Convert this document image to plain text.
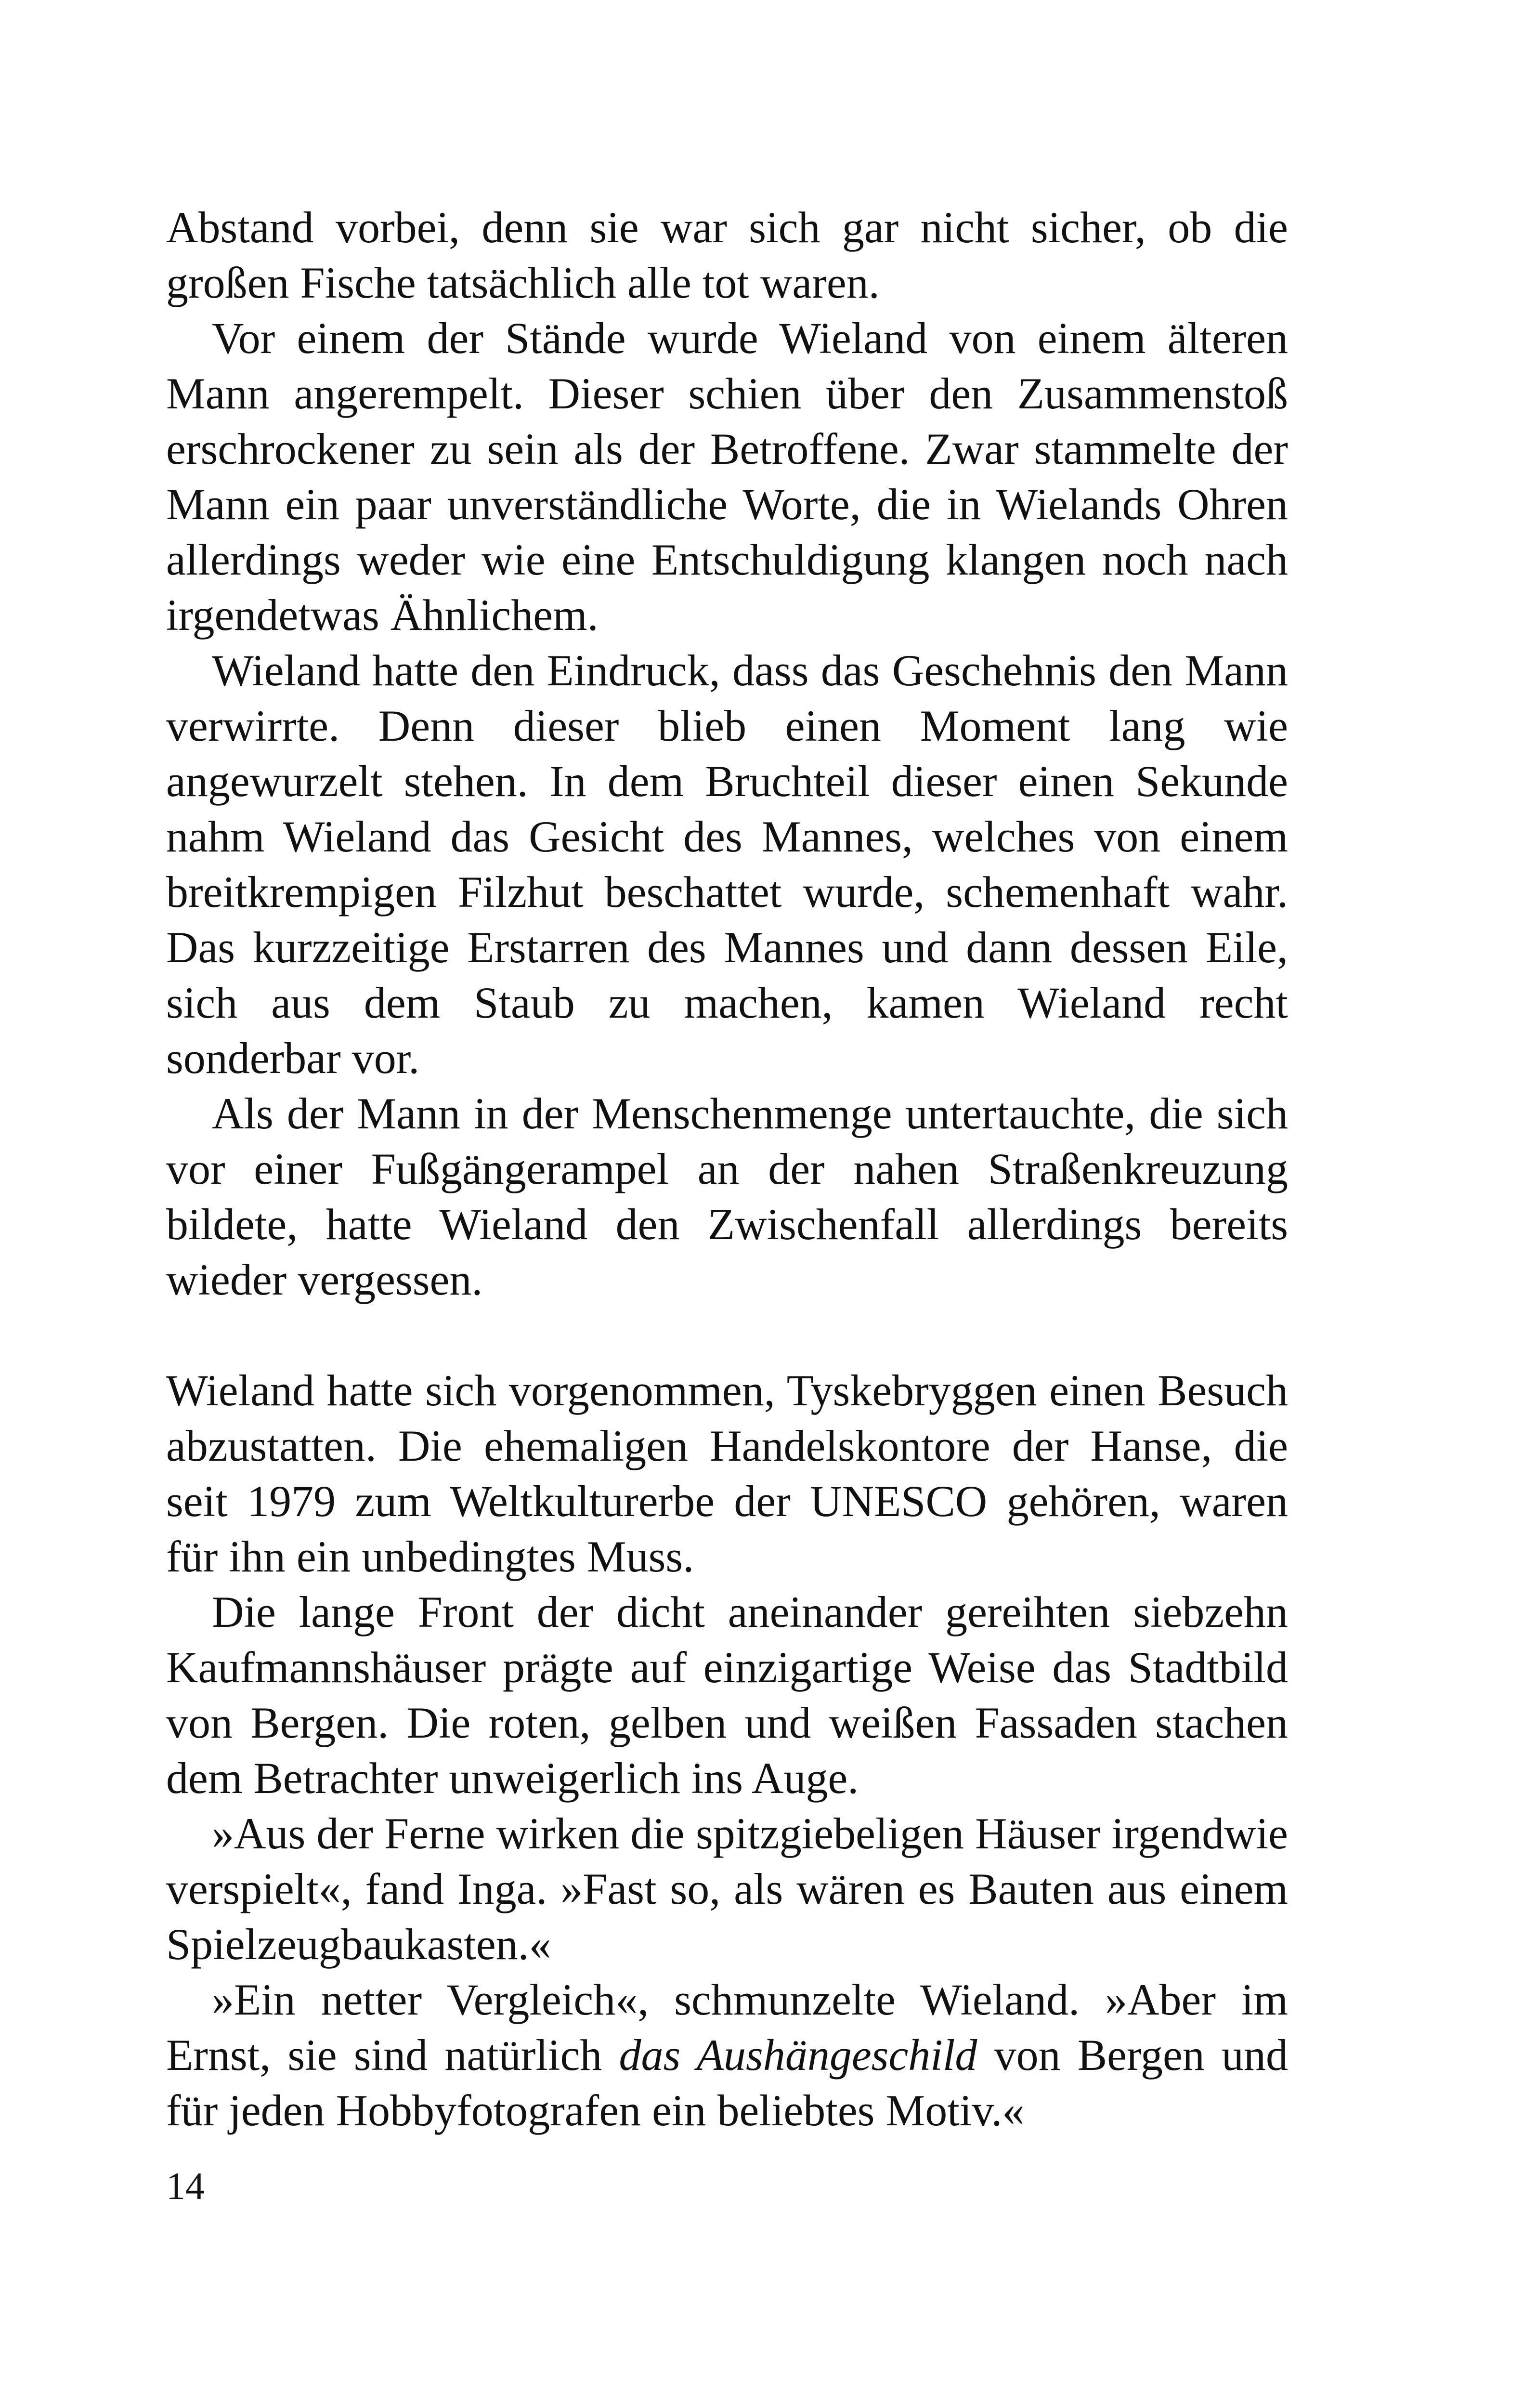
Abstand vorbei, denn sie war sich gar nicht sicher, ob die großen Fische tatsächlich alle tot waren.

Vor einem der Stände wurde Wieland von einem älteren Mann angerempelt. Dieser schien über den Zusammenstoß erschrockener zu sein als der Betroffene. Zwar stammelte der Mann ein paar unverständliche Worte, die in Wielands Ohren allerdings weder wie eine Entschuldigung klangen noch nach irgendetwas Ähnlichem.

Wieland hatte den Eindruck, dass das Geschehnis den Mann verwirrte. Denn dieser blieb einen Moment lang wie angewurzelt stehen. In dem Bruchteil dieser einen Sekunde nahm Wieland das Gesicht des Mannes, welches von einem breitkrempigen Filzhut beschattet wurde, schemenhaft wahr. Das kurzzeitige Erstarren des Mannes und dann dessen Eile, sich aus dem Staub zu machen, kamen Wieland recht sonderbar vor.

Als der Mann in der Menschenmenge untertauchte, die sich vor einer Fußgängerampel an der nahen Straßenkreuzung bildete, hatte Wieland den Zwischenfall allerdings bereits wieder vergessen.

Wieland hatte sich vorgenommen, Tyskebryggen einen Besuch abzustatten. Die ehemaligen Handelskontore der Hanse, die seit 1979 zum Weltkulturerbe der UNESCO gehören, waren für ihn ein unbedingtes Muss.

Die lange Front der dicht aneinander gereihten siebzehn Kaufmannshäuser prägte auf einzigartige Weise das Stadtbild von Bergen. Die roten, gelben und weißen Fassaden stachen dem Betrachter unweigerlich ins Auge.

»Aus der Ferne wirken die spitzgiebeligen Häuser irgendwie verspielt«, fand Inga. »Fast so, als wären es Bauten aus einem Spielzeugbaukasten.«

»Ein netter Vergleich«, schmunzelte Wieland. »Aber im Ernst, sie sind natürlich das Aushängeschild von Bergen und für jeden Hobbyfotografen ein beliebtes Motiv.«

14
